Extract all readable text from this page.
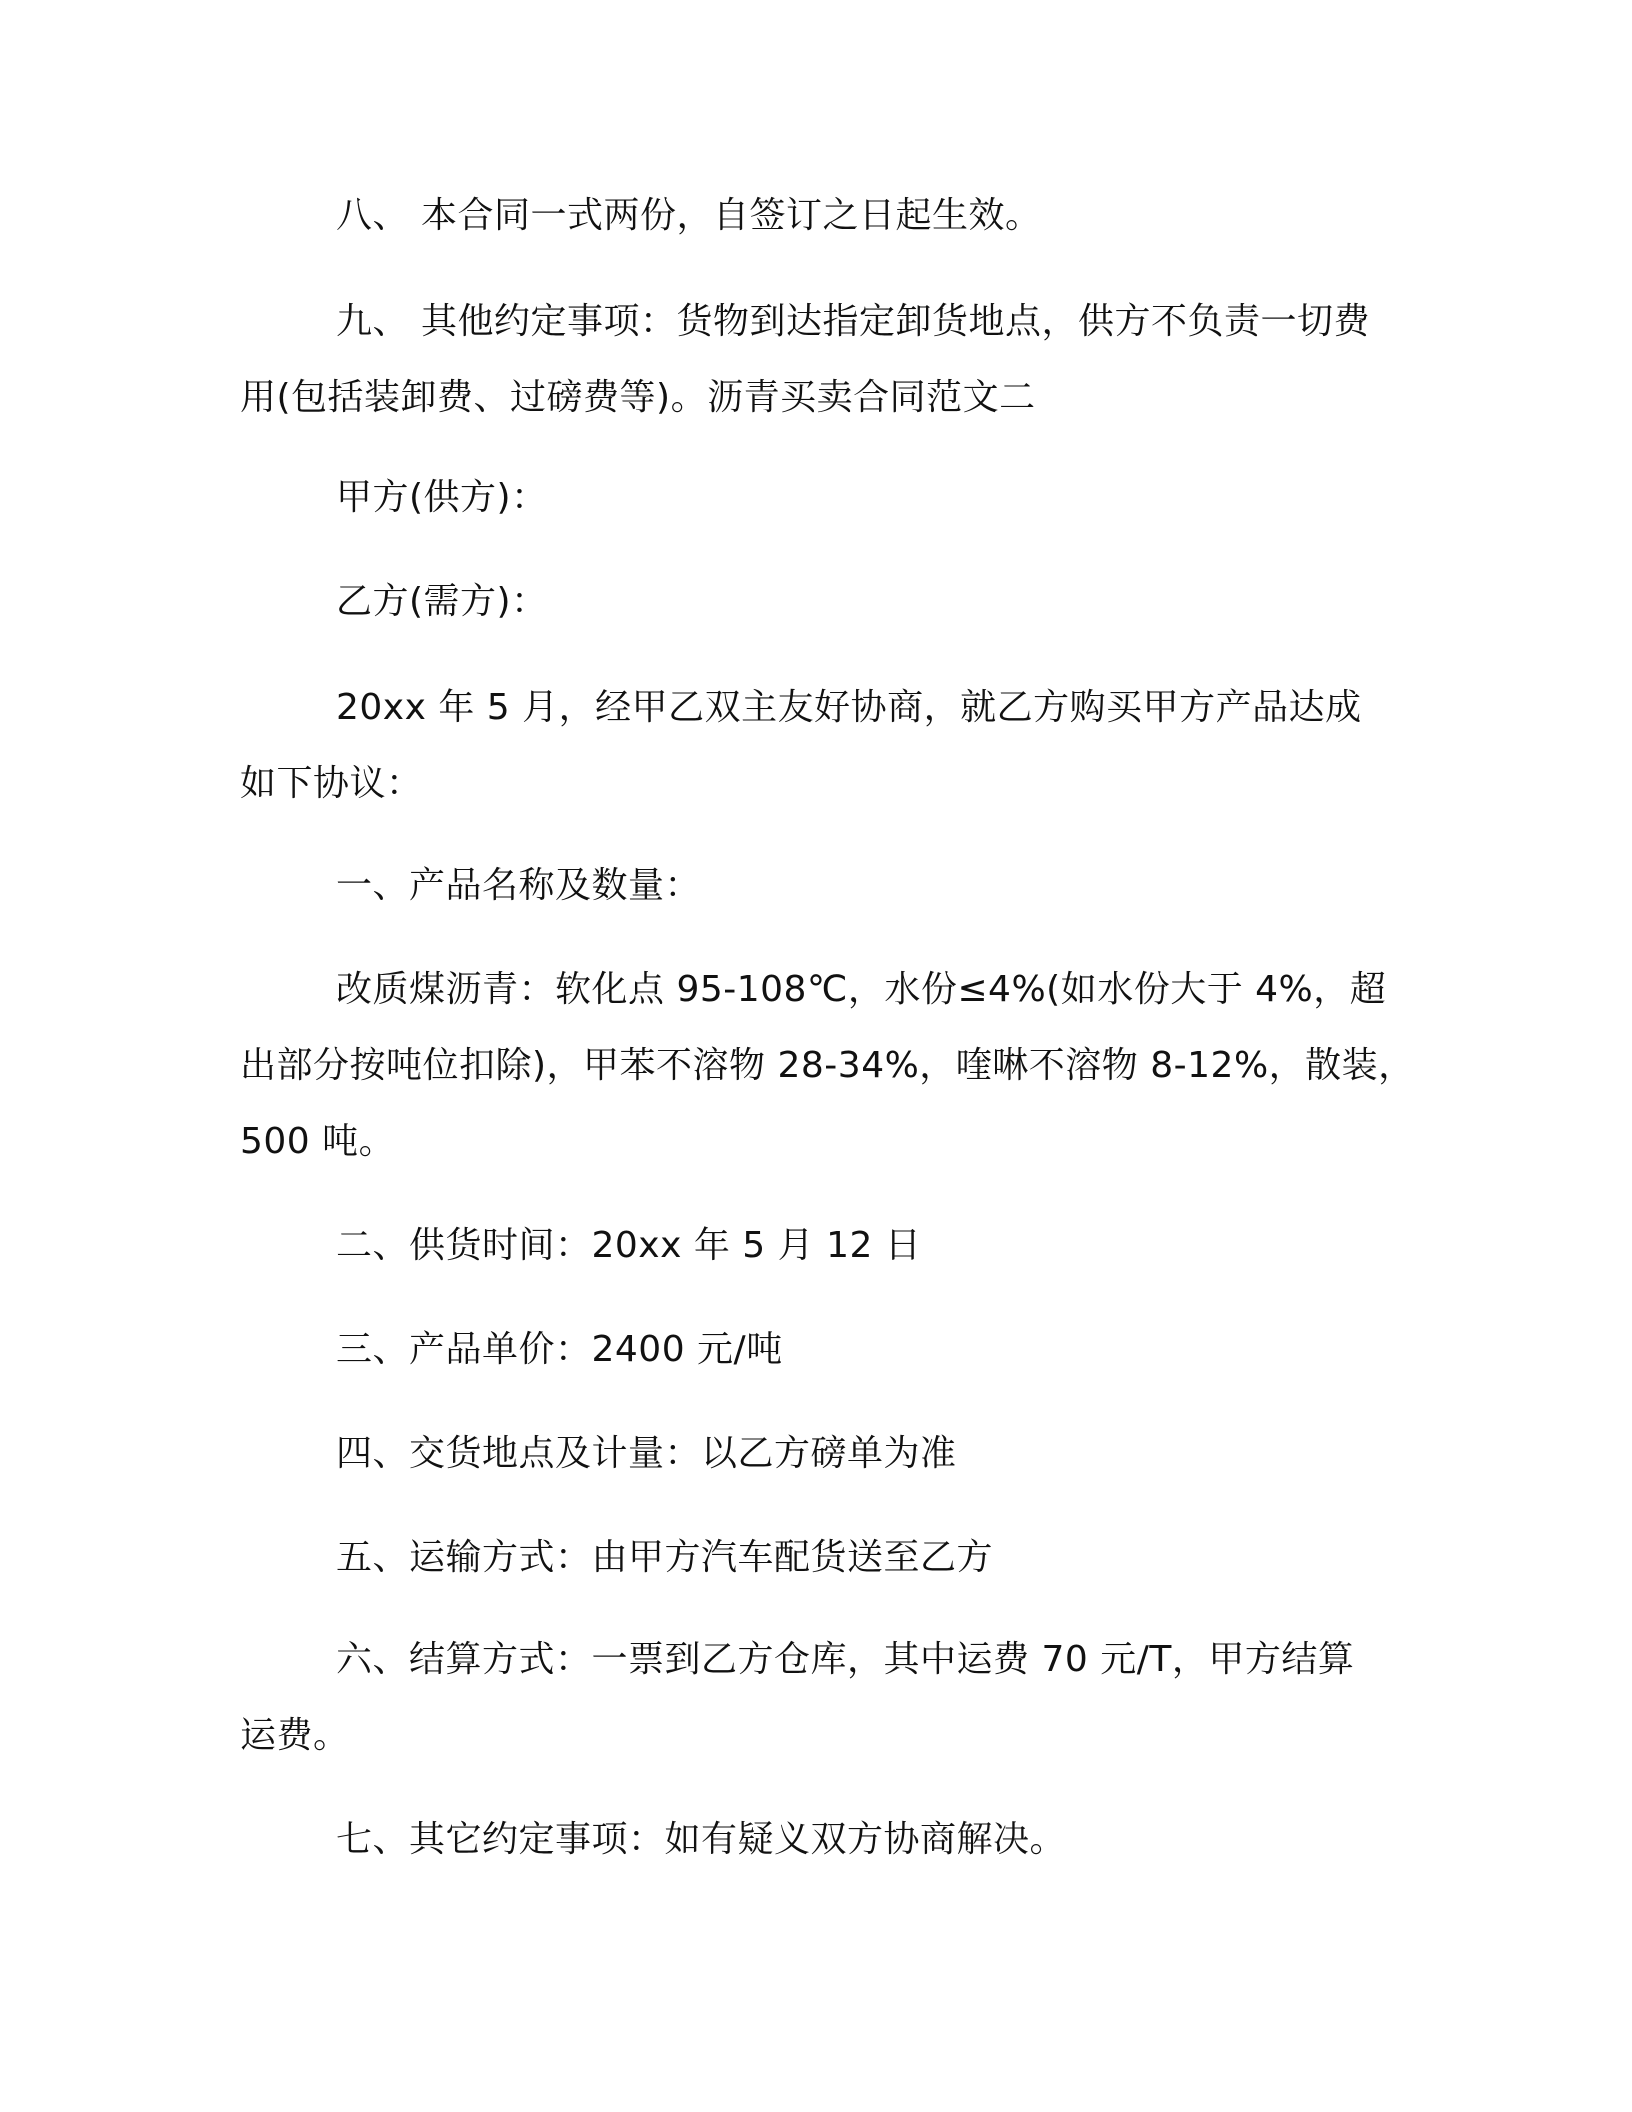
八、 本合同一式两份，自签订之日起生效。

九、 其他约定事项：货物到达指定卸货地点，供方不负责一切费
用(包括装卸费、过磅费等)。沥青买卖合同范文二

甲方(供方)：

乙方(需方)：

20xx 年 5 月，经甲乙双主友好协商，就乙方购买甲方产品达成
如下协议：

一、产品名称及数量：

改质煤沥青：软化点 95-108℃，水份≤4%(如水份大于 4%，超
出部分按吨位扣除)，甲苯不溶物 28-34%，喹啉不溶物 8-12%，散装，
500 吨。

二、供货时间：20xx 年 5 月 12 日

三、产品单价：2400 元/吨

四、交货地点及计量：以乙方磅单为准

五、运输方式：由甲方汽车配货送至乙方

六、结算方式：一票到乙方仓库，其中运费 70 元/T，甲方结算
运费。

七、其它约定事项：如有疑义双方协商解决。
